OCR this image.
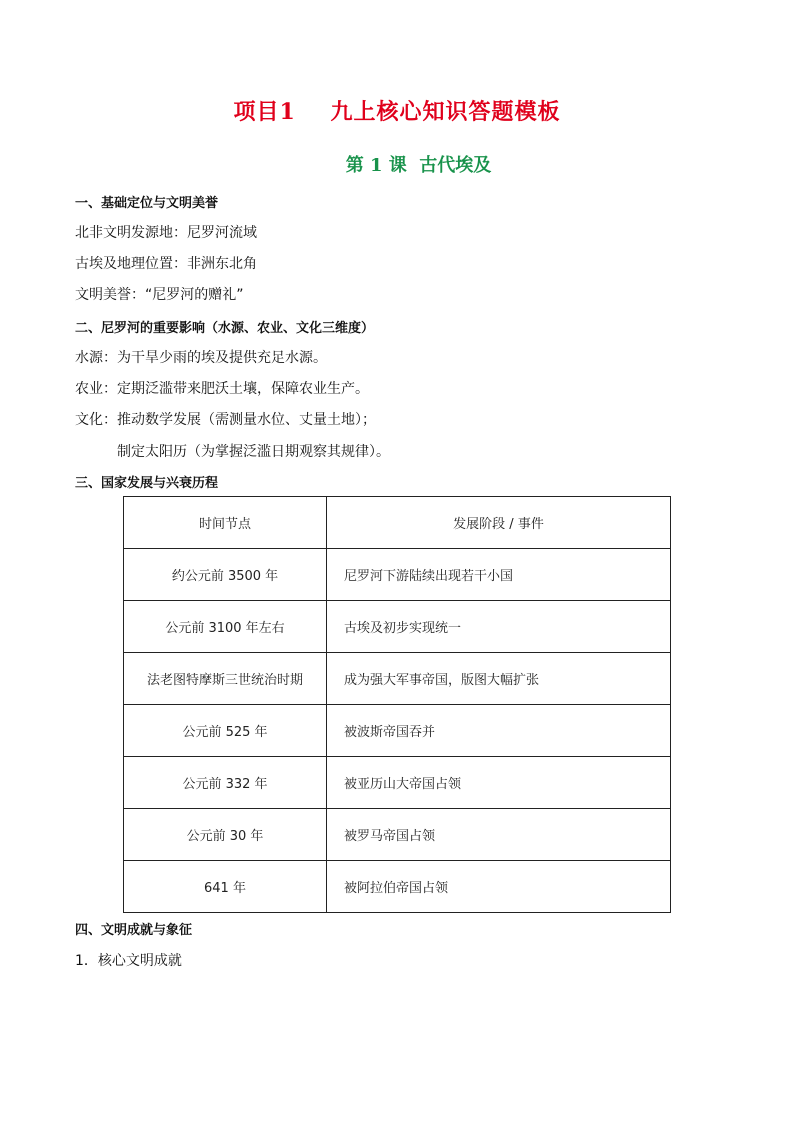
项目1    九上核心知识答题模板
第 1 课  古代埃及
一、基础定位与文明美誉
北非文明发源地：尼罗河流域
古埃及地理位置：非洲东北角
文明美誉：“尼罗河的赠礼”
二、尼罗河的重要影响（水源、农业、文化三维度）
水源：为干旱少雨的埃及提供充足水源。
农业：定期泛滥带来肥沃土壤，保障农业生产。
文化：推动数学发展（需测量水位、丈量土地）；
制定太阳历（为掌握泛滥日期观察其规律）。
三、国家发展与兴衰历程
时间节点	发展阶段 / 事件
约公元前 3500 年	尼罗河下游陆续出现若干小国
公元前 3100 年左右	古埃及初步实现统一
法老图特摩斯三世统治时期	成为强大军事帝国，版图大幅扩张
公元前 525 年	被波斯帝国吞并
公元前 332 年	被亚历山大帝国占领
公元前 30 年	被罗马帝国占领
641 年	被阿拉伯帝国占领
四、文明成就与象征
1．核心文明成就
